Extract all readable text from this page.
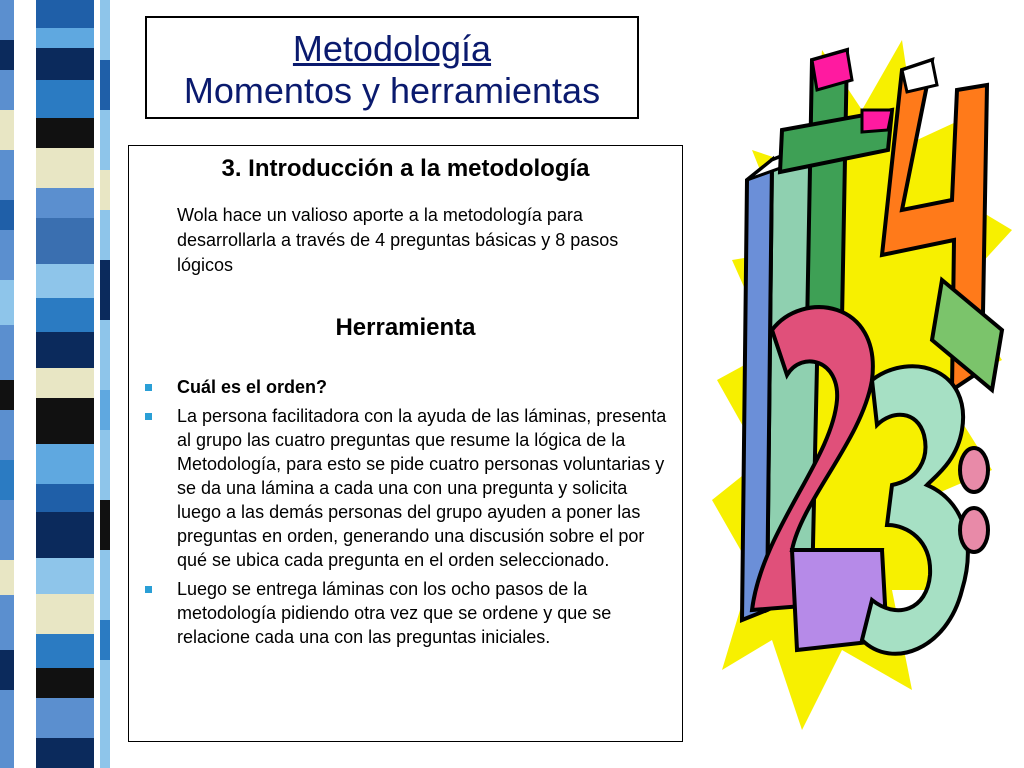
Metodología
Momentos y herramientas
3. Introducción a la metodología
Wola hace un valioso aporte a la metodología para desarrollarla a través de 4 preguntas básicas y 8 pasos lógicos
Herramienta
Cuál es el orden?
La persona facilitadora con la ayuda de las láminas, presenta al grupo las cuatro preguntas que resume la lógica de la Metodología, para esto se pide cuatro personas voluntarias y se da una lámina a cada una con una pregunta y solicita luego a las demás personas del grupo ayuden a poner las preguntas en orden, generando una discusión sobre el por qué se ubica cada pregunta en el orden seleccionado.
Luego se entrega láminas con los ocho pasos de la metodología pidiendo otra vez que se ordene y que se relacione cada una con las preguntas iniciales.
